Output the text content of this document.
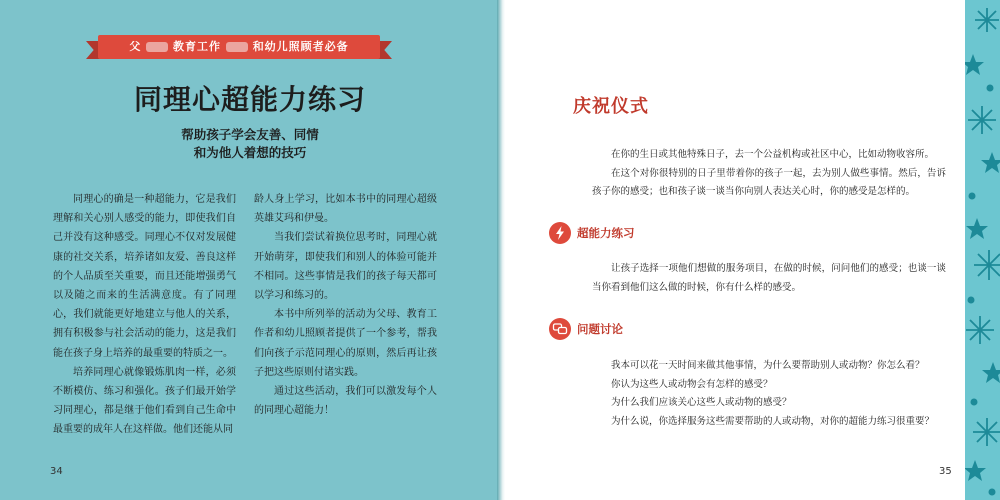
父	教育工作	和幼儿照顾者必备
同理心超能力练习
帮助孩子学会友善、同情
和为他人着想的技巧

同理心的确是一种超能力，它是我们理解和关心别人感受的能力，即使我们自己并没有这种感受。同理心不仅对发展健康的社交关系，培养诸如友爱、善良这样的个人品质至关重要，而且还能增强勇气以及随之而来的生活满意度。有了同理心，我们就能更好地建立与他人的关系，拥有积极参与社会活动的能力，这是我们能在孩子身上培养的最重要的特质之一。

培养同理心就像锻炼肌肉一样，必须不断模仿、练习和强化。孩子们最开始学习同理心，都是继于他们看到自己生命中最重要的成年人在这样做。他们还能从同

龄人身上学习，比如本书中的同理心超级英雄艾玛和伊曼。

当我们尝试着换位思考时，同理心就开始萌芽，即使我们和别人的体验可能并不相同。这些事情是我们的孩子每天都可以学习和练习的。

本书中所列举的活动为父母、教育工作者和幼儿照顾者提供了一个参考，帮我们向孩子示范同理心的原则，然后再让孩子把这些原则付诸实践。

通过这些活动，我们可以激发每个人的同理心超能力！

34
庆祝仪式

在你的生日或其他特殊日子，去一个公益机构或社区中心，比如动物收容所。

在这个对你很特别的日子里带着你的孩子一起，去为别人做些事情。然后，告诉孩子你的感受；也和孩子谈一谈当你向别人表达关心时，你的感受是怎样的。

超能力练习

让孩子选择一项他们想做的服务项目，在做的时候，问问他们的感受；也谈一谈当你看到他们这么做的时候，你有什么样的感受。

问题讨论

我本可以花一天时间来做其他事情，为什么要帮助别人或动物？你怎么看？

你认为这些人或动物会有怎样的感受？

为什么我们应该关心这些人或动物的感受？

为什么说，你选择服务这些需要帮助的人或动物，对你的超能力练习很重要？

35
